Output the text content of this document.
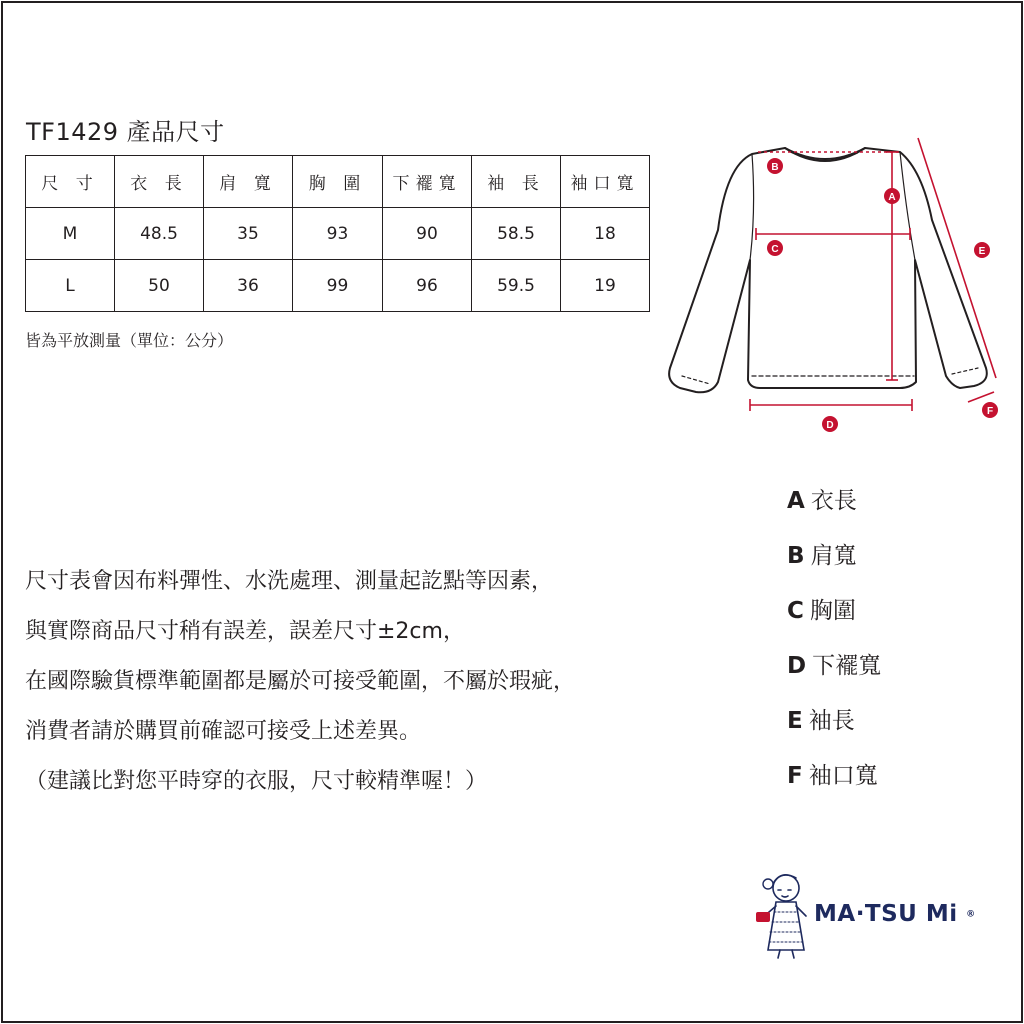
TF1429 產品尺寸
尺 寸	衣 長	肩 寬	胸 圍	下襬寬	袖 長	袖口寬
M	48.5	35	93	90	58.5	18
L	50	36	99	96	59.5	19
皆為平放測量（單位：公分）
B
A
C	E
D
F
尺寸表會因布料彈性、水洗處理、測量起訖點等因素，
與實際商品尺寸稍有誤差，誤差尺寸±2cm，
在國際驗貨標準範圍都是屬於可接受範圍，不屬於瑕疵，
消費者請於購買前確認可接受上述差異。
（建議比對您平時穿的衣服，尺寸較精準喔！）
A 衣長
B 肩寬
C 胸圍
D 下襬寬
E 袖長
F 袖口寬
MA·TSU Mi ®
